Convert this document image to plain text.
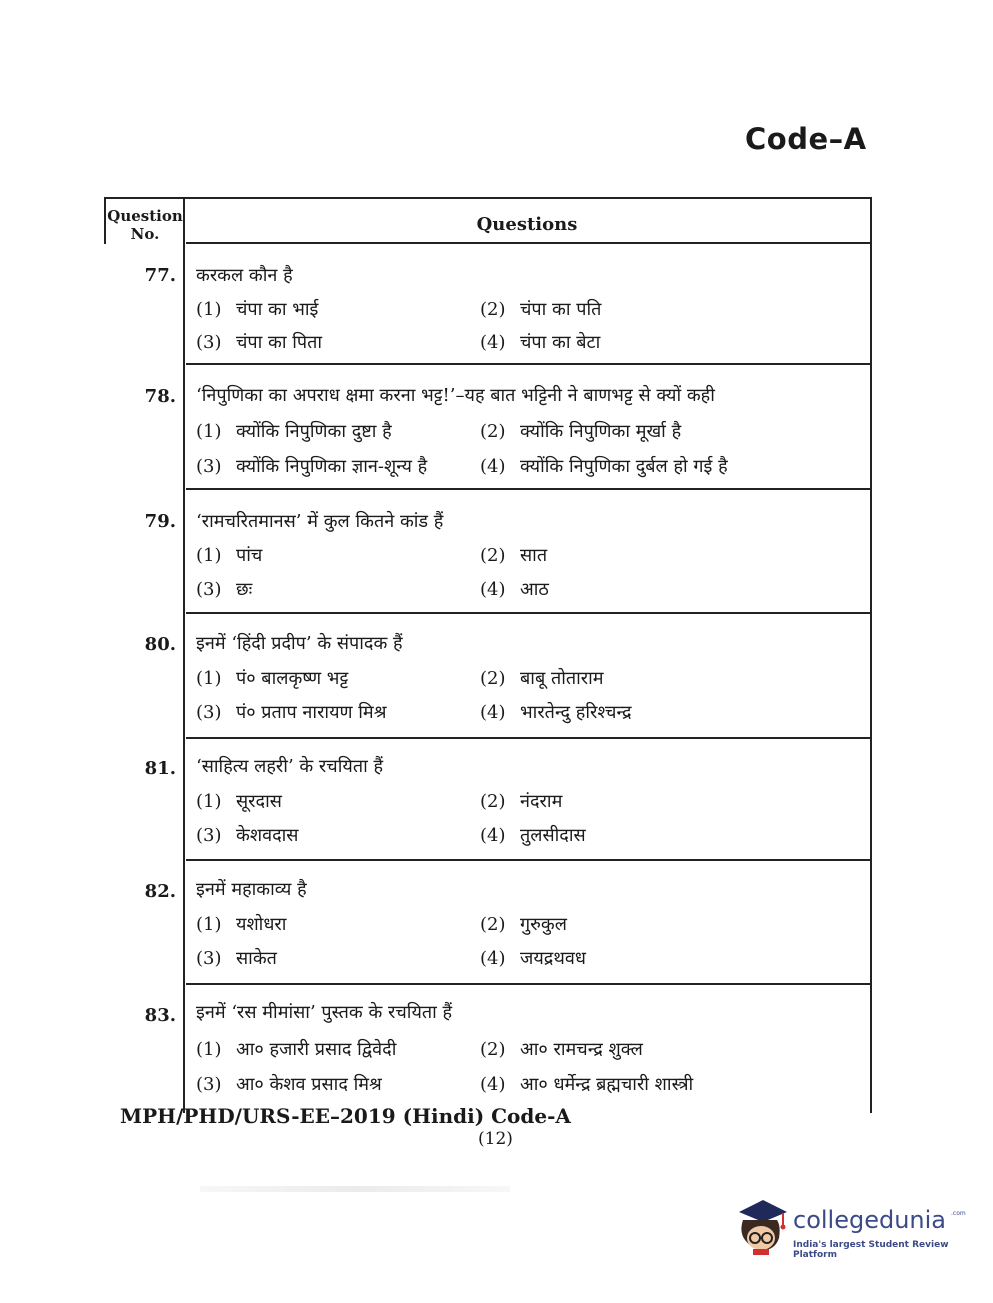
Code–A
Question
No.	Questions
77. करकल कौन है
(1) चंपा का भाई	(2) चंपा का पति
(3) चंपा का पिता	(4) चंपा का बेटा
78. ‘निपुणिका का अपराध क्षमा करना भट्ट!’–यह बात भट्टिनी ने बाणभट्ट से क्यों कही
(1) क्योंकि निपुणिका दुष्टा है	(2) क्योंकि निपुणिका मूर्खा है
(3) क्योंकि निपुणिका ज्ञान-शून्य है	(4) क्योंकि निपुणिका दुर्बल हो गई है
79. ‘रामचरितमानस’ में कुल कितने कांड हैं
(1) पांच	(2) सात
(3) छः	(4) आठ
80. इनमें ‘हिंदी प्रदीप’ के संपादक हैं
(1) पं० बालकृष्ण भट्ट	(2) बाबू तोताराम
(3) पं० प्रताप नारायण मिश्र	(4) भारतेन्दु हरिश्चन्द्र
81. ‘साहित्य लहरी’ के रचयिता हैं
(1) सूरदास	(2) नंदराम
(3) केशवदास	(4) तुलसीदास
82. इनमें महाकाव्य है
(1) यशोधरा	(2) गुरुकुल
(3) साकेत	(4) जयद्रथवध
83. इनमें ‘रस मीमांसा’ पुस्तक के रचयिता हैं
(1) आ० हजारी प्रसाद द्विवेदी	(2) आ० रामचन्द्र शुक्ल
(3) आ० केशव प्रसाद मिश्र	(4) आ० धर्मेन्द्र ब्रह्मचारी शास्त्री
MPH/PHD/URS-EE–2019 (Hindi) Code-A
(12)
collegedunia .com
India's largest Student Review Platform
